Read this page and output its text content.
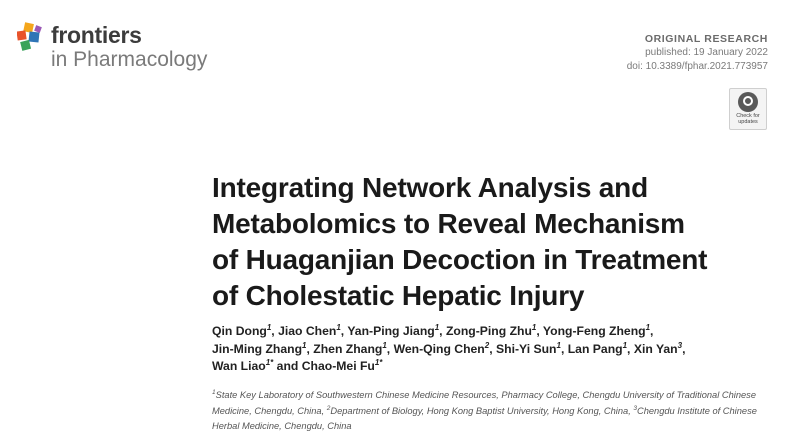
frontiers
in Pharmacology
ORIGINAL RESEARCH
published: 19 January 2022
doi: 10.3389/fphar.2021.773957
Check for
updates
Integrating Network Analysis and
Metabolomics to Reveal Mechanism
of Huaganjian Decoction in Treatment
of Cholestatic Hepatic Injury

Qin Dong$^1$, Jiao Chen$^1$, Yan-Ping Jiang$^1$, Zong-Ping Zhu$^1$, Yong-Feng Zheng$^1$,
Jin-Ming Zhang$^1$, Zhen Zhang$^1$, Wen-Qing Chen$^2$, Shi-Yi Sun$^1$, Lan Pang$^1$, Xin Yan$^3$,
Wan Liao$^{1*}$ and Chao-Mei $Fu^{1*}$

$^1$State Key Laboratory of Southwestern Chinese Medicine Resources, Pharmacy College, Chengdu University of Traditional Chinese Medicine, Chengdu, China, $^2$Department of Biology, Hong Kong Baptist University, Hong Kong, China, $^3$Chengdu Institute of Chinese Herbal Medicine, Chengdu, China
